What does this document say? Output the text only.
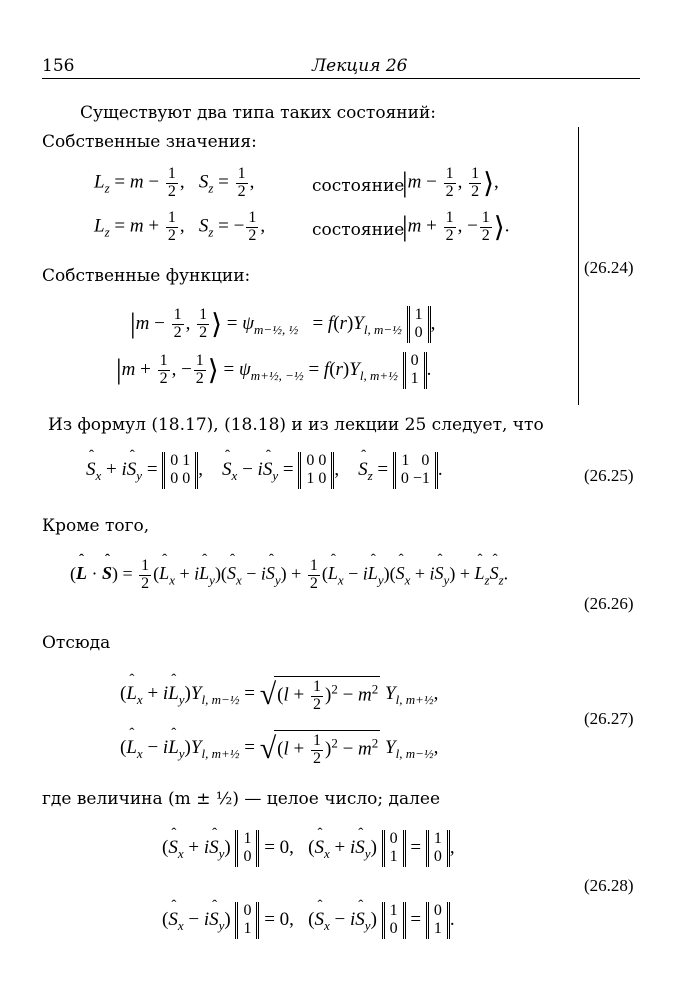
156	Лекция 26
Существуют два типа таких состояний:
(26.24)
Собственные значения:
$L_z = m - \frac{1}{2}$ ,   $S_z = \frac{1}{2}$ ,	состояние
$|m - \frac{1}{2}$ , $\frac{1}{2}$ ⟩,
$L_z = m + \frac{1}{2}$ ,   $S_z$ = − $\frac{1}{2}$ ,	состояние
$|m + \frac{1}{2}$ , − $\frac{1}{2}$ ⟩.
Собственные функции:
$|m - \frac{1}{2}$ , $\frac{1}{2}$ ⟩ = $\psi_{m-\frac{1}{2}, \frac{1}{2}} = f(r)Y_{l, m-\frac{1}{2}}$
1
0 ,
$|m + \frac{1}{2}$ , − $\frac{1}{2}$ ⟩ = $\psi_{m+\frac{1}{2}, -\frac{1}{2}} = f(r)Y_{l, m+\frac{1}{2}}$
0
1 .
Из формул (18.17), (18.18) и из лекции 25 следует, что
ˆ $S_x$ + iˆ $S_y = 0$ 1
0 0 ,    ˆ $S_x$ − iˆ $S_y = 0$ 0
1 0 ,    ˆ $S_z = 1$   0
0 −1 .	(26.25)
Кроме того,
(ˆ L · ˆ $S) = \frac{1}{2}$ (ˆ $L_x$ + iˆ $L_y)(ˆ$ $S_x$ − iˆ $S_y) + \frac{1}{2}$ (ˆ $L_x$ − iˆ $L_y)(ˆ$ $S_x$ + iˆ $S_y$) + ˆ $L_zˆ$ $S_z$.
(26.26)
Отсюда
(ˆ $L_x$ + iˆ $L_y)Y_{l, m-\frac{1}{2}} = √(l + \frac{1}{2} )^2 - m^2$ $Y_{l, m+\frac{1}{2}}$,
(ˆ $L_x$ − iˆ $L_y)Y_{l, m+\frac{1}{2}} = √(l + \frac{1}{2} )^2 - m^2$ $Y_{l, m-\frac{1}{2}}$,
(26.27)
где величина (m ± ½) — целое число; далее
(ˆ $S_x$ + iˆ $S_y$) 1
0 = 0,   (ˆ $S_x$ + iˆ $S_y$) 0
1 = 1
0 ,
(ˆ $S_x$ − iˆ $S_y$) 0
1 = 0,   (ˆ $S_x$ − iˆ $S_y$) 1
0 = 0
1 .
(26.28)
